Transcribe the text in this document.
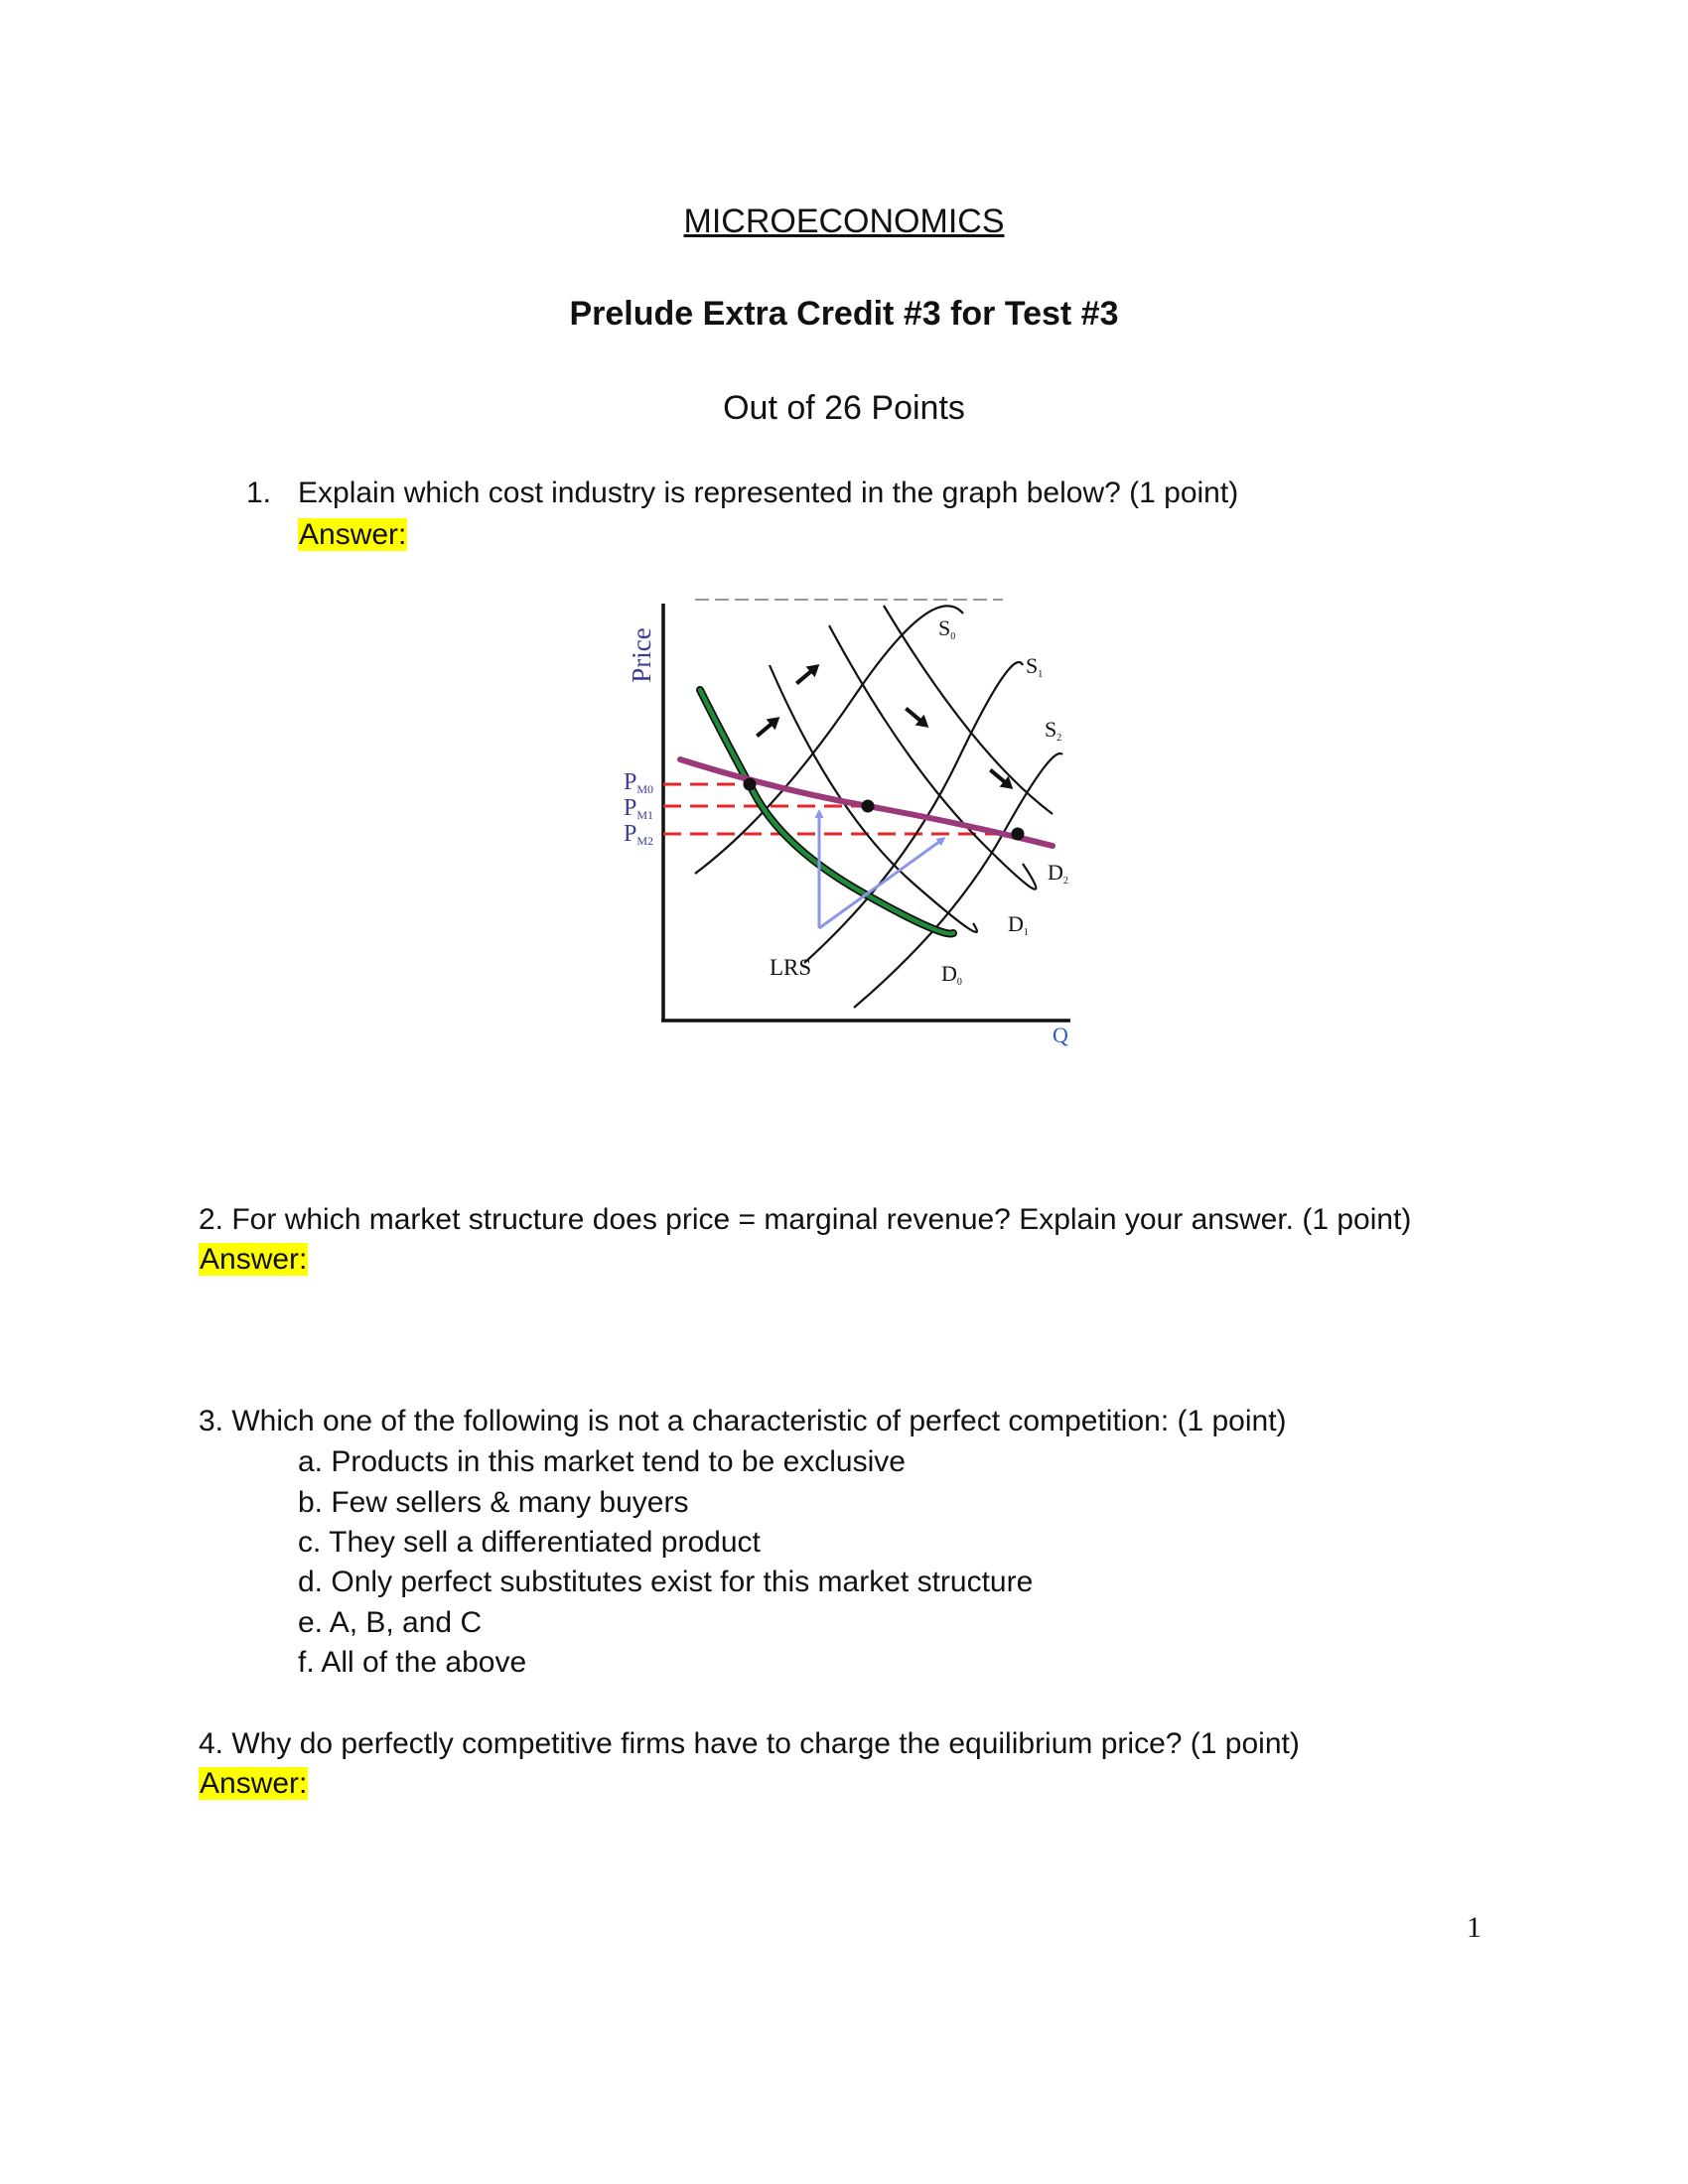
MICROECONOMICS
Prelude Extra Credit #3 for Test #3
Out of 26 Points
1. Explain which cost industry is represented in the graph below? (1 point)
Answer:
Price
Q
PM0
PM1
PM2
S0
S1
S2
D0
D1
D2
LRS
2. For which market structure does price = marginal revenue? Explain your answer. (1 point)
Answer:
3. Which one of the following is not a characteristic of perfect competition: (1 point)
a. Products in this market tend to be exclusive
b. Few sellers & many buyers
c. They sell a differentiated product
d. Only perfect substitutes exist for this market structure
e. A, B, and C
f. All of the above
4. Why do perfectly competitive firms have to charge the equilibrium price? (1 point)
Answer:
1
